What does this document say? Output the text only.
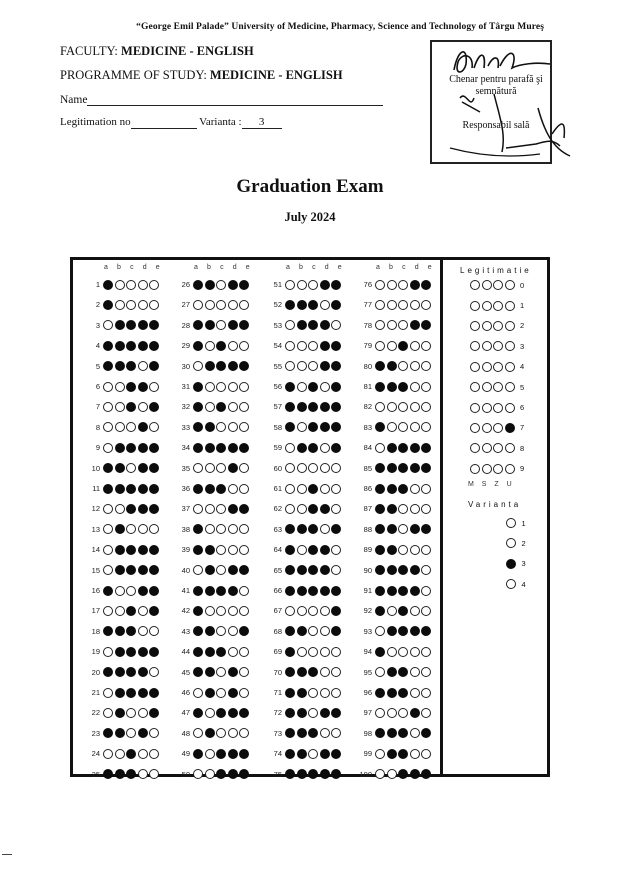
“George Emil Palade” University of Medicine, Pharmacy, Science and Technology of Târgu Mureş
FACULTY: MEDICINE - ENGLISH
PROGRAMME OF STUDY: MEDICINE - ENGLISH
Name
Legitimation no	Varianta : 3
Chenar pentru parafă şi semnătură
Responsabil sală
Graduation Exam
July 2024
a b c d e
1
2
3
4
5
6
7
8
9
10
11
12
13
14
15
16
17
18
19
20
21
22
23
24
25
a b c d e
26
27
28
29
30
31
32
33
34
35
36
37
38
39
40
41
42
43
44
45
46
47
48
49
50
a b c d e
51
52
53
54
55
56
57
58
59
60
61
62
63
64
65
66
67
68
69
70
71
72
73
74
75
a b c d e
76
77
78
79
80
81
82
83
84
85
86
87
88
89
90
91
92
93
94
95
96
97
98
99
100
Legitimatie
0
1
2
3
4
5
6
7
8
9
M S Z U
Varianta
1
2
3
4
